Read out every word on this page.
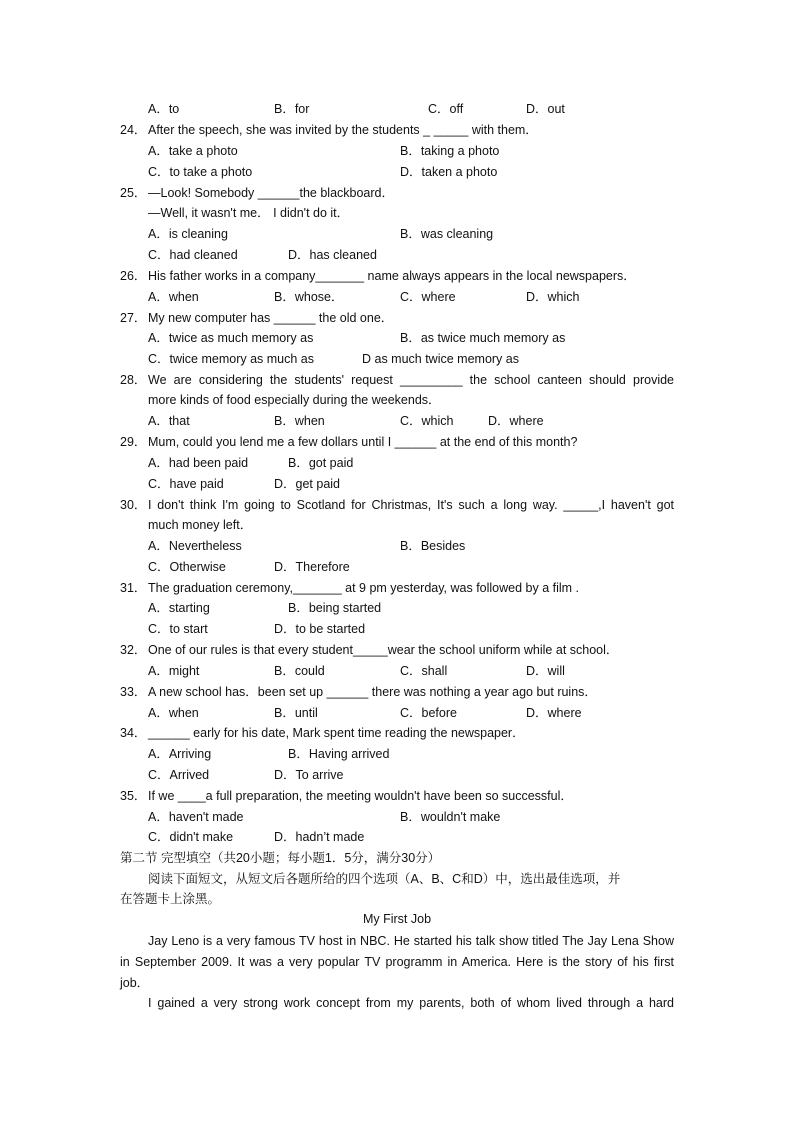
A．to	B．for	C．off	D．out
24． After the speech, she was invited by the students _ _____ with them．
A．take a photo	B．taking a photo
C．to take a photo	D．taken a photo
25． —Look! Somebody ______the blackboard．
—Well, it wasn't me． I didn't do it．
A．is cleaning	B．was cleaning
C．had cleaned	D．has cleaned
26． His father works in a company_______ name always appears in the local newspapers．
A．when	B．whose．	C．where	D．which
27． My new computer has ______ the old one．
A．twice as much memory as	B．as twice much memory as
C．twice memory as much as	D as much twice memory as
28． We are considering the students' request _________ the school canteen should provide
more kinds of food especially during the weekends．
A．that	B．when	C．which	D．where
29． Mum, could you lend me a few dollars until I ______ at the end of this month?
A．had been paid	B．got paid
C．have paid	D．get paid
30． I don't think I'm going to Scotland for Christmas, It's such a long way. _____,I haven't got
much money left．
A．Nevertheless	B．Besides
C．Otherwise	D．Therefore
31． The graduation ceremony,_______ at 9 pm yesterday, was followed by a film .
A．starting	B．being started
C．to start	D．to be started
32． One of our rules is that every student_____wear the school uniform while at school．
A．might	B．could	C．shall	D．will
33． A new school has．been set up ______ there was nothing a year ago but ruins．
A．when	B．until	C．before	D．where
34． ______ early for his date, Mark spent time reading the newspaper．
A．Arriving	B．Having arrived
C．Arrived	D．To arrive
35． If we ____a full preparation, the meeting wouldn't have been so successful．
A．haven't made	B．wouldn't make
C．didn't make	D．hadn’t made
第二节 完型填空（共20小题；每小题1．5分，满分30分）
阅读下面短文，从短文后各题所给的四个选项（A、B、C和D）中，选出最佳选项，并
在答题卡上涂黑。
My First Job
Jay Leno is a very famous TV host in NBC. He started his talk show titled The Jay Lena Show
in September 2009. It was a very popular TV programm in America. Here is the story of his first
job．
I gained a very strong work concept from my parents, both of whom lived through a hard
